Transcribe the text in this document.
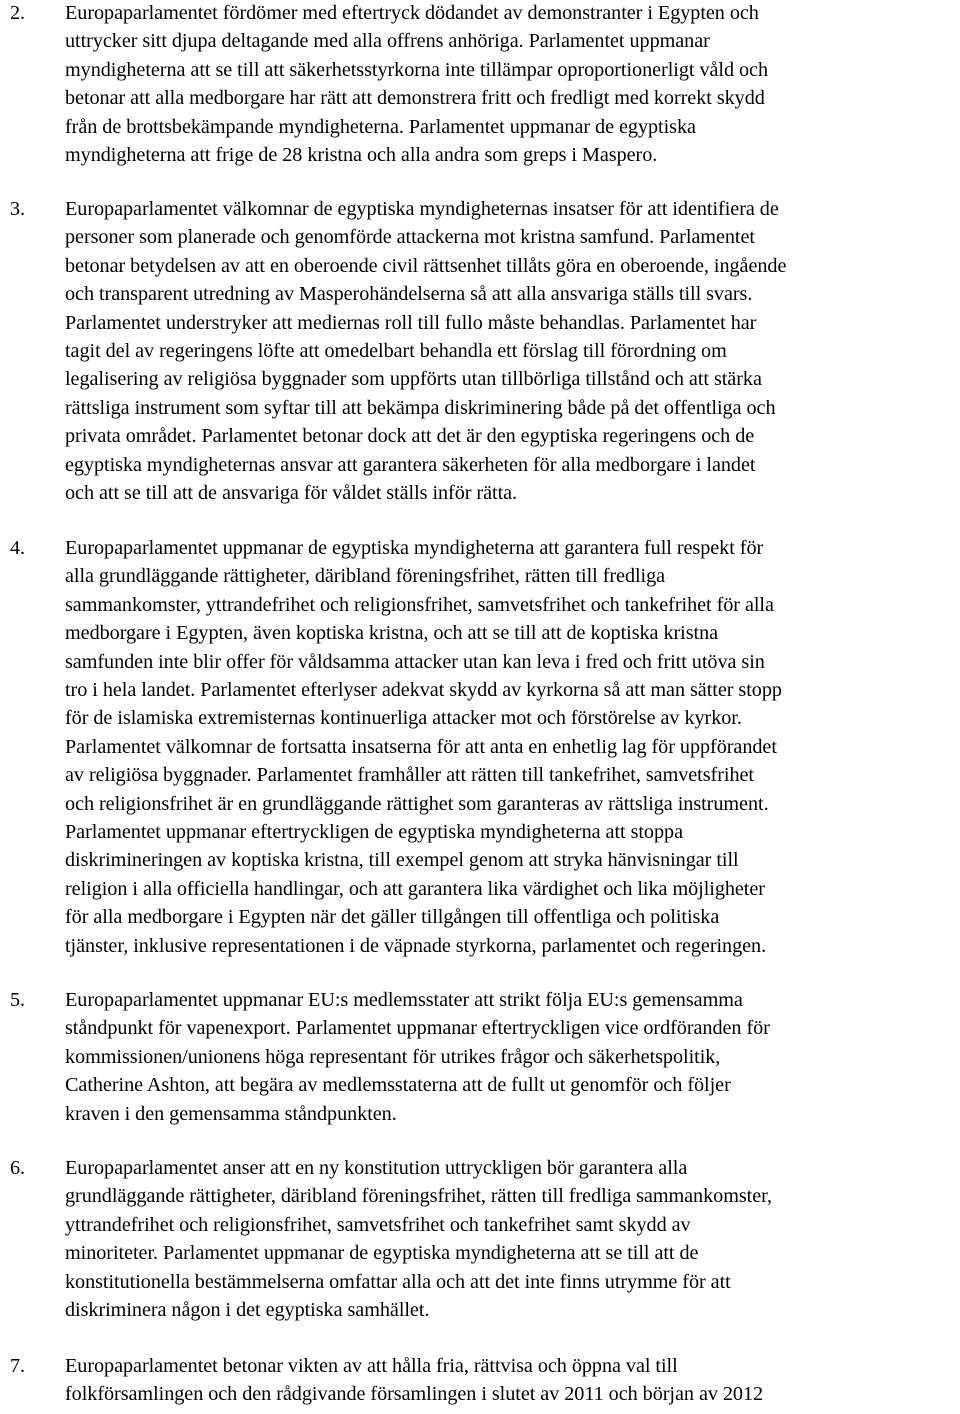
2. Europaparlamentet fördömer med eftertryck dödandet av demonstranter i Egypten och
uttrycker sitt djupa deltagande med alla offrens anhöriga. Parlamentet uppmanar
myndigheterna att se till att säkerhetsstyrkorna inte tillämpar oproportionerligt våld och
betonar att alla medborgare har rätt att demonstrera fritt och fredligt med korrekt skydd
från de brottsbekämpande myndigheterna. Parlamentet uppmanar de egyptiska
myndigheterna att frige de 28 kristna och alla andra som greps i Maspero.

3. Europaparlamentet välkomnar de egyptiska myndigheternas insatser för att identifiera de
personer som planerade och genomförde attackerna mot kristna samfund. Parlamentet
betonar betydelsen av att en oberoende civil rättsenhet tillåts göra en oberoende, ingående
och transparent utredning av Masperohändelserna så att alla ansvariga ställs till svars.
Parlamentet understryker att mediernas roll till fullo måste behandlas. Parlamentet har
tagit del av regeringens löfte att omedelbart behandla ett förslag till förordning om
legalisering av religiösa byggnader som uppförts utan tillbörliga tillstånd och att stärka
rättsliga instrument som syftar till att bekämpa diskriminering både på det offentliga och
privata området. Parlamentet betonar dock att det är den egyptiska regeringens och de
egyptiska myndigheternas ansvar att garantera säkerheten för alla medborgare i landet
och att se till att de ansvariga för våldet ställs inför rätta.

4. Europaparlamentet uppmanar de egyptiska myndigheterna att garantera full respekt för
alla grundläggande rättigheter, däribland föreningsfrihet, rätten till fredliga
sammankomster, yttrandefrihet och religionsfrihet, samvetsfrihet och tankefrihet för alla
medborgare i Egypten, även koptiska kristna, och att se till att de koptiska kristna
samfunden inte blir offer för våldsamma attacker utan kan leva i fred och fritt utöva sin
tro i hela landet. Parlamentet efterlyser adekvat skydd av kyrkorna så att man sätter stopp
för de islamiska extremisternas kontinuerliga attacker mot och förstörelse av kyrkor.
Parlamentet välkomnar de fortsatta insatserna för att anta en enhetlig lag för uppförandet
av religiösa byggnader. Parlamentet framhåller att rätten till tankefrihet, samvetsfrihet
och religionsfrihet är en grundläggande rättighet som garanteras av rättsliga instrument.
Parlamentet uppmanar eftertryckligen de egyptiska myndigheterna att stoppa
diskrimineringen av koptiska kristna, till exempel genom att stryka hänvisningar till
religion i alla officiella handlingar, och att garantera lika värdighet och lika möjligheter
för alla medborgare i Egypten när det gäller tillgången till offentliga och politiska
tjänster, inklusive representationen i de väpnade styrkorna, parlamentet och regeringen.

5. Europaparlamentet uppmanar EU:s medlemsstater att strikt följa EU:s gemensamma
ståndpunkt för vapenexport. Parlamentet uppmanar eftertryckligen vice ordföranden för
kommissionen/unionens höga representant för utrikes frågor och säkerhetspolitik,
Catherine Ashton, att begära av medlemsstaterna att de fullt ut genomför och följer
kraven i den gemensamma ståndpunkten.

6. Europaparlamentet anser att en ny konstitution uttryckligen bör garantera alla
grundläggande rättigheter, däribland föreningsfrihet, rätten till fredliga sammankomster,
yttrandefrihet och religionsfrihet, samvetsfrihet och tankefrihet samt skydd av
minoriteter. Parlamentet uppmanar de egyptiska myndigheterna att se till att de
konstitutionella bestämmelserna omfattar alla och att det inte finns utrymme för att
diskriminera någon i det egyptiska samhället.

7. Europaparlamentet betonar vikten av att hålla fria, rättvisa och öppna val till
folkförsamlingen och den rådgivande församlingen i slutet av 2011 och början av 2012
